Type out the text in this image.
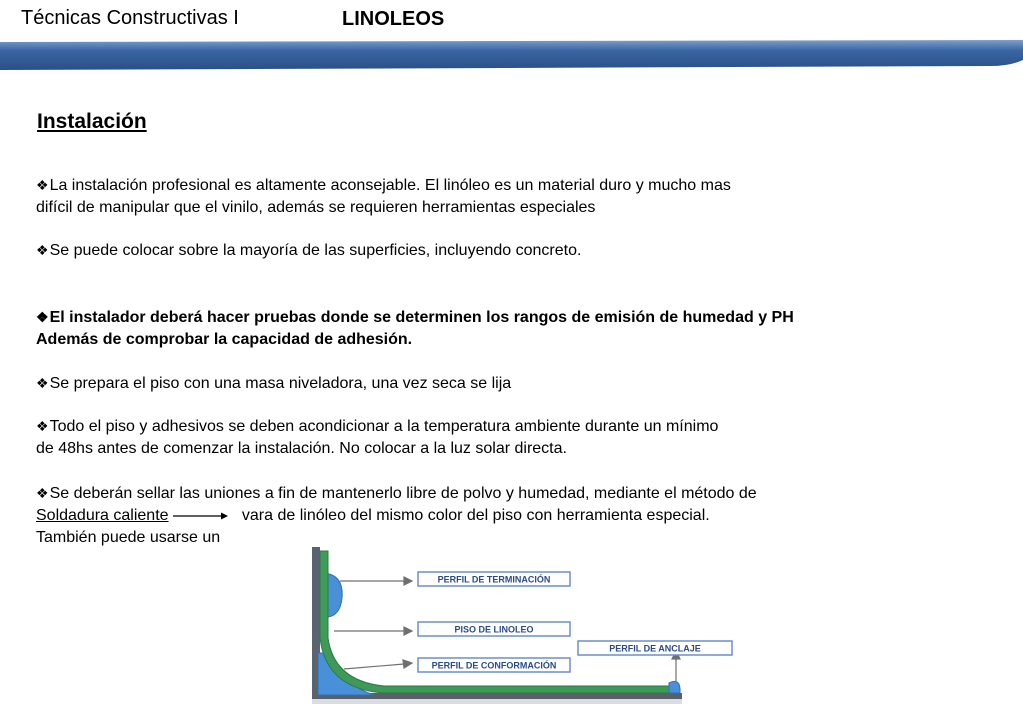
Técnicas Constructivas I	LINOLEOS
Instalación
❖La instalación profesional es altamente aconsejable. El linóleo es un material duro y mucho mas
difícil de manipular que el vinilo, además se requieren herramientas especiales
❖Se puede colocar sobre la mayoría de las superficies, incluyendo concreto.
❖El instalador deberá hacer pruebas donde se determinen los rangos de emisión de humedad y PH
Además de comprobar la capacidad de adhesión.
❖Se prepara el piso con una masa niveladora, una vez seca se lija
❖Todo el piso y adhesivos se deben acondicionar a la temperatura ambiente durante un mínimo
de 48hs antes de comenzar la instalación. No colocar a la luz solar directa.
❖Se deberán sellar las uniones a fin de mantenerlo libre de polvo y humedad, mediante el método de
Soldadura caliente	vara de linóleo del mismo color del piso con herramienta especial.
También puede usarse un
PERFIL DE TERMINACIÓN
PISO DE LINOLEO
PERFIL DE CONFORMACIÓN
PERFIL DE ANCLAJE
